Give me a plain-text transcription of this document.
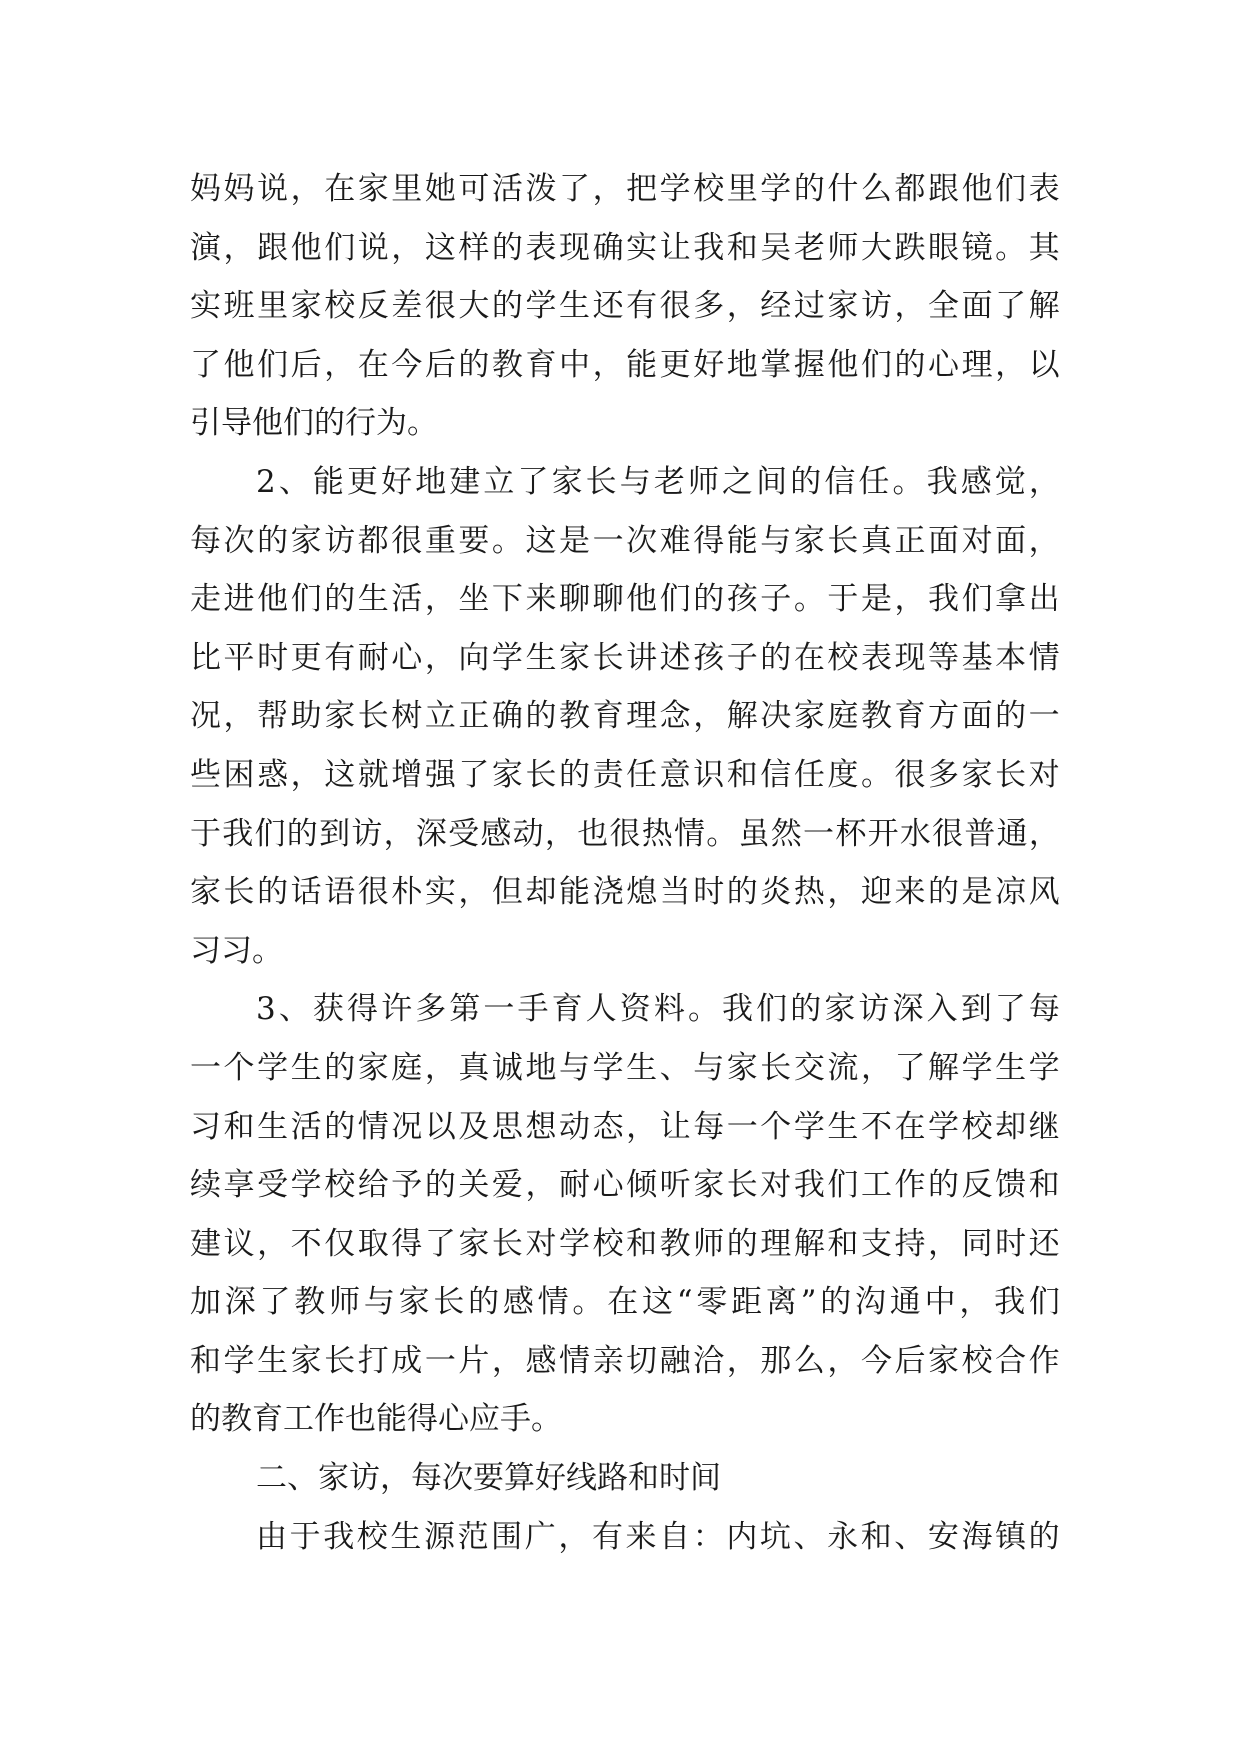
妈 妈 说 ， 在 家 里 她 可 活 泼 了 ， 把 学 校 里 学 的 什 么 都 跟 他 们 表
演 ， 跟 他 们 说 ， 这 样 的 表 现 确 实 让 我 和 吴 老 师 大 跌 眼 镜 。 其
实 班 里 家 校 反 差 很 大 的 学 生 还 有 很 多 ， 经 过 家 访 ， 全 面 了 解
了 他 们 后 ， 在 今 后 的 教 育 中 ， 能 更 好 地 掌 握 他 们 的 心 理 ， 以
引导他们的行为。
2 、 能 更 好 地 建 立 了 家 长 与 老 师 之 间 的 信 任 。 我 感 觉 ，
每 次 的 家 访 都 很 重 要 。 这 是 一 次 难 得 能 与 家 长 真 正 面 对 面 ，
走 进 他 们 的 生 活 ， 坐 下 来 聊 聊 他 们 的 孩 子 。 于 是 ， 我 们 拿 出
比 平 时 更 有 耐 心 ， 向 学 生 家 长 讲 述 孩 子 的 在 校 表 现 等 基 本 情
况 ， 帮 助 家 长 树 立 正 确 的 教 育 理 念 ， 解 决 家 庭 教 育 方 面 的 一
些 困 惑 ， 这 就 增 强 了 家 长 的 责 任 意 识 和 信 任 度 。 很 多 家 长 对
于 我 们 的 到 访 ， 深 受 感 动 ， 也 很 热 情 。 虽 然 一 杯 开 水 很 普 通 ，
家 长 的 话 语 很 朴 实 ， 但 却 能 浇 熄 当 时 的 炎 热 ， 迎 来 的 是 凉 风
习习。
3 、 获 得 许 多 第 一 手 育 人 资 料 。 我 们 的 家 访 深 入 到 了 每
一 个 学 生 的 家 庭 ， 真 诚 地 与 学 生 、 与 家 长 交 流 ， 了 解 学 生 学
习 和 生 活 的 情 况 以 及 思 想 动 态 ， 让 每 一 个 学 生 不 在 学 校 却 继
续 享 受 学 校 给 予 的 关 爱 ， 耐 心 倾 听 家 长 对 我 们 工 作 的 反 馈 和
建 议 ， 不 仅 取 得 了 家 长 对 学 校 和 教 师 的 理 解 和 支 持 ， 同 时 还
加 深 了 教 师 与 家 长 的 感 情 。 在 这 “ 零 距 离 ” 的 沟 通 中 ， 我 们
和 学 生 家 长 打 成 一 片 ， 感 情 亲 切 融 洽 ， 那 么 ， 今 后 家 校 合 作
的教育工作也能得心应手。
二、家访，每次要算好线路和时间
由 于 我 校 生 源 范 围 广 ， 有 来 自 ： 内 坑 、 永 和 、 安 海 镇 的
